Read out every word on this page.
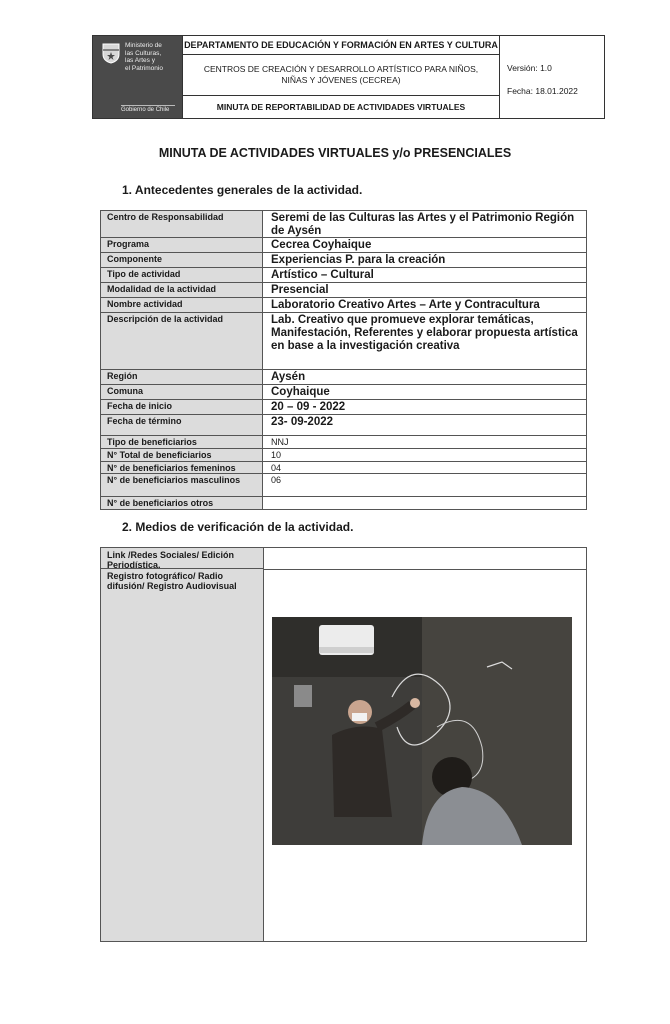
Ministerio de
las Culturas,
las Artes y
el Patrimonio
Gobierno de Chile
DEPARTAMENTO DE EDUCACIÓN Y FORMACIÓN EN ARTES Y CULTURA
CENTROS DE CREACIÓN Y DESARROLLO ARTÍSTICO PARA NIÑOS, NIÑAS Y JÓVENES (CECREA)
MINUTA DE REPORTABILIDAD DE ACTIVIDADES VIRTUALES
Versión: 1.0
Fecha: 18.01.2022
MINUTA DE ACTIVIDADES VIRTUALES y/o PRESENCIALES
1. Antecedentes generales de la actividad.
Centro de Responsabilidad	Seremi de las Culturas las Artes y el Patrimonio Región de Aysén
Programa	Cecrea Coyhaique
Componente	Experiencias P. para la creación
Tipo de actividad	Artístico – Cultural
Modalidad de la actividad	Presencial
Nombre actividad	Laboratorio Creativo Artes – Arte y Contracultura
Descripción de la actividad	Lab. Creativo que promueve explorar temáticas, Manifestación, Referentes y elaborar propuesta artística en base a la investigación creativa
Región	Aysén
Comuna	Coyhaique
Fecha de inicio	20 – 09 - 2022
Fecha de término	23- 09-2022
Tipo de beneficiarios	NNJ
N° Total de beneficiarios	10
N° de beneficiarios femeninos	04
N° de beneficiarios masculinos	06
N° de beneficiarios otros
2. Medios de verificación de la actividad.
Link /Redes Sociales/ Edición Periodística.
Registro fotográfico/ Radio difusión/ Registro Audiovisual
